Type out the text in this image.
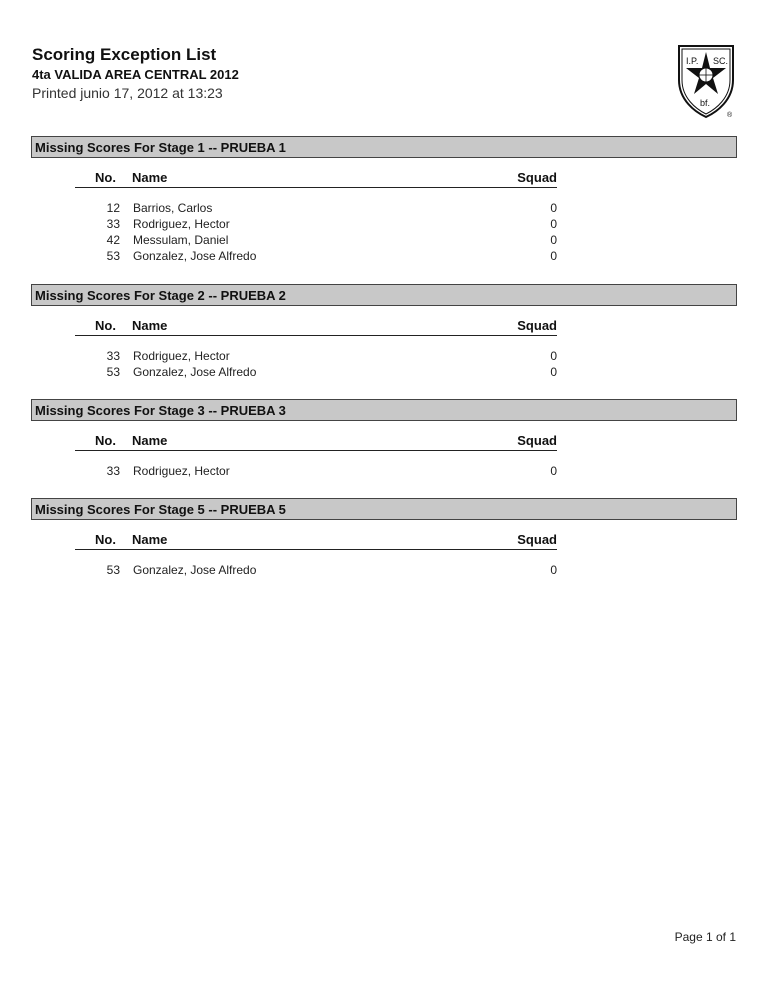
Scoring Exception List
4ta VALIDA AREA CENTRAL 2012
Printed junio 17, 2012 at 13:23
I.P. SC.
bf.
®
Missing Scores For Stage 1 -- PRUEBA 1
No. Name	Squad
12 Barrios, Carlos	0
33 Rodriguez, Hector	0
42 Messulam, Daniel	0
53 Gonzalez, Jose Alfredo	0
Missing Scores For Stage 2 -- PRUEBA 2
No. Name	Squad
33 Rodriguez, Hector	0
53 Gonzalez, Jose Alfredo	0
Missing Scores For Stage 3 -- PRUEBA 3
No. Name	Squad
33 Rodriguez, Hector	0
Missing Scores For Stage 5 -- PRUEBA 5
No. Name	Squad
53 Gonzalez, Jose Alfredo	0
Page 1 of 1
